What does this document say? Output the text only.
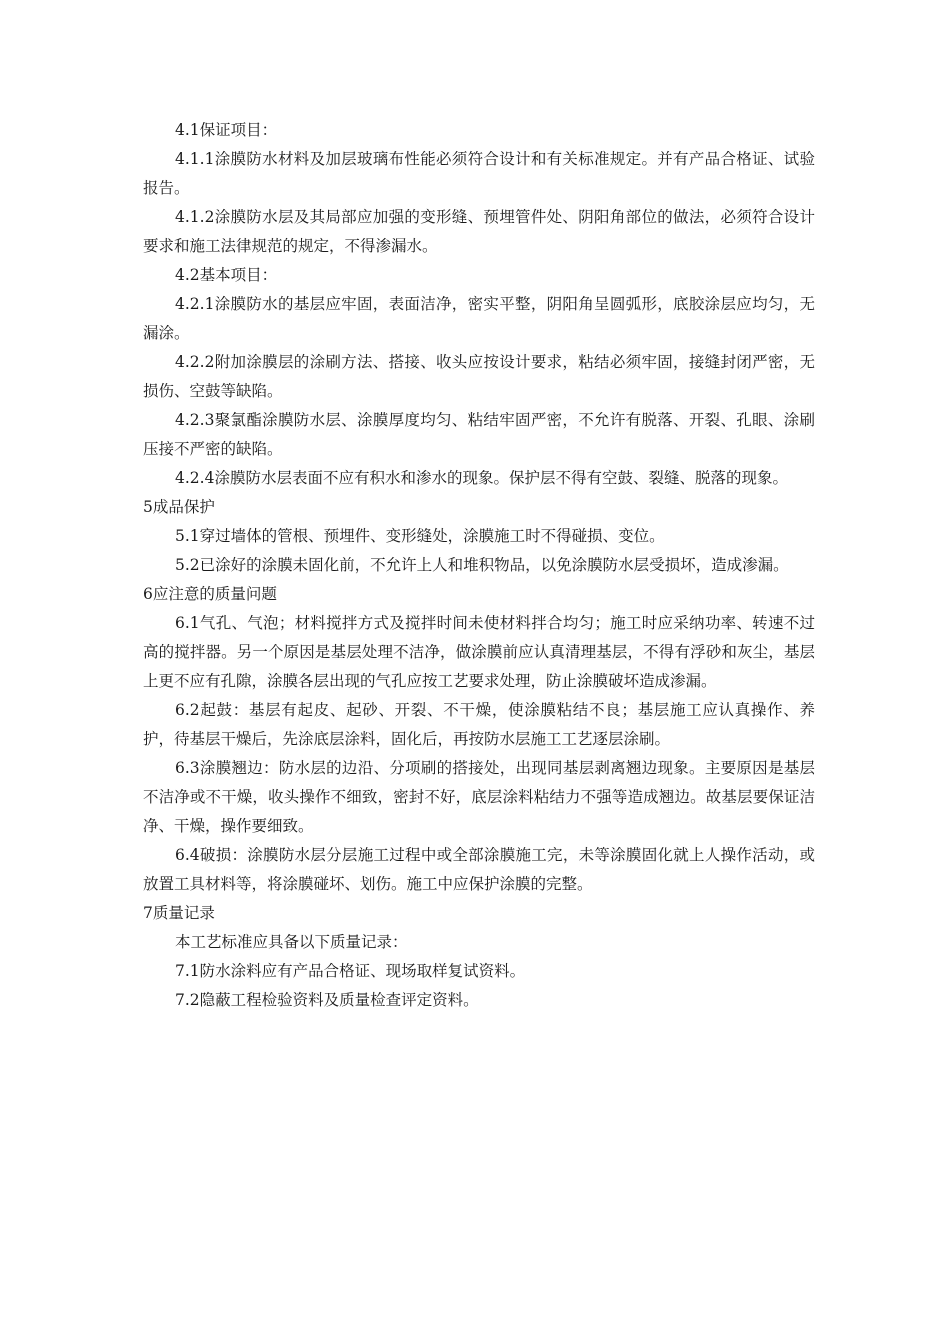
4.1保证项目：

4.1.1涂膜防水材料及加层玻璃布性能必须符合设计和有关标准规定。并有产品合格证、试验报告。

4.1.2涂膜防水层及其局部应加强的变形缝、预埋管件处、阴阳角部位的做法，必须符合设计要求和施工法律规范的规定，不得渗漏水。

4.2基本项目：

4.2.1涂膜防水的基层应牢固，表面洁净，密实平整，阴阳角呈圆弧形，底胶涂层应均匀，无漏涂。

4.2.2附加涂膜层的涂刷方法、搭接、收头应按设计要求，粘结必须牢固，接缝封闭严密，无损伤、空鼓等缺陷。

4.2.3聚氯酯涂膜防水层、涂膜厚度均匀、粘结牢固严密，不允许有脱落、开裂、孔眼、涂刷压接不严密的缺陷。

4.2.4涂膜防水层表面不应有积水和渗水的现象。保护层不得有空鼓、裂缝、脱落的现象。

5成品保护

5.1穿过墙体的管根、预埋件、变形缝处，涂膜施工时不得碰损、变位。

5.2已涂好的涂膜未固化前，不允许上人和堆积物品，以免涂膜防水层受损坏，造成渗漏。

6应注意的质量问题

6.1气孔、气泡；材料搅拌方式及搅拌时间未使材料拌合均匀；施工时应采纳功率、转速不过高的搅拌器。另一个原因是基层处理不洁净，做涂膜前应认真清理基层，不得有浮砂和灰尘，基层上更不应有孔隙，涂膜各层出现的气孔应按工艺要求处理，防止涂膜破坏造成渗漏。

6.2起鼓：基层有起皮、起砂、开裂、不干燥，使涂膜粘结不良；基层施工应认真操作、养护，待基层干燥后，先涂底层涂料，固化后，再按防水层施工工艺逐层涂刷。

6.3涂膜翘边：防水层的边沿、分项刷的搭接处，出现同基层剥离翘边现象。主要原因是基层不洁净或不干燥，收头操作不细致，密封不好，底层涂料粘结力不强等造成翘边。故基层要保证洁净、干燥，操作要细致。

6.4破损：涂膜防水层分层施工过程中或全部涂膜施工完，未等涂膜固化就上人操作活动，或放置工具材料等，将涂膜碰坏、划伤。施工中应保护涂膜的完整。

7质量记录

本工艺标准应具备以下质量记录：

7.1防水涂料应有产品合格证、现场取样复试资料。

7.2隐蔽工程检验资料及质量检查评定资料。
